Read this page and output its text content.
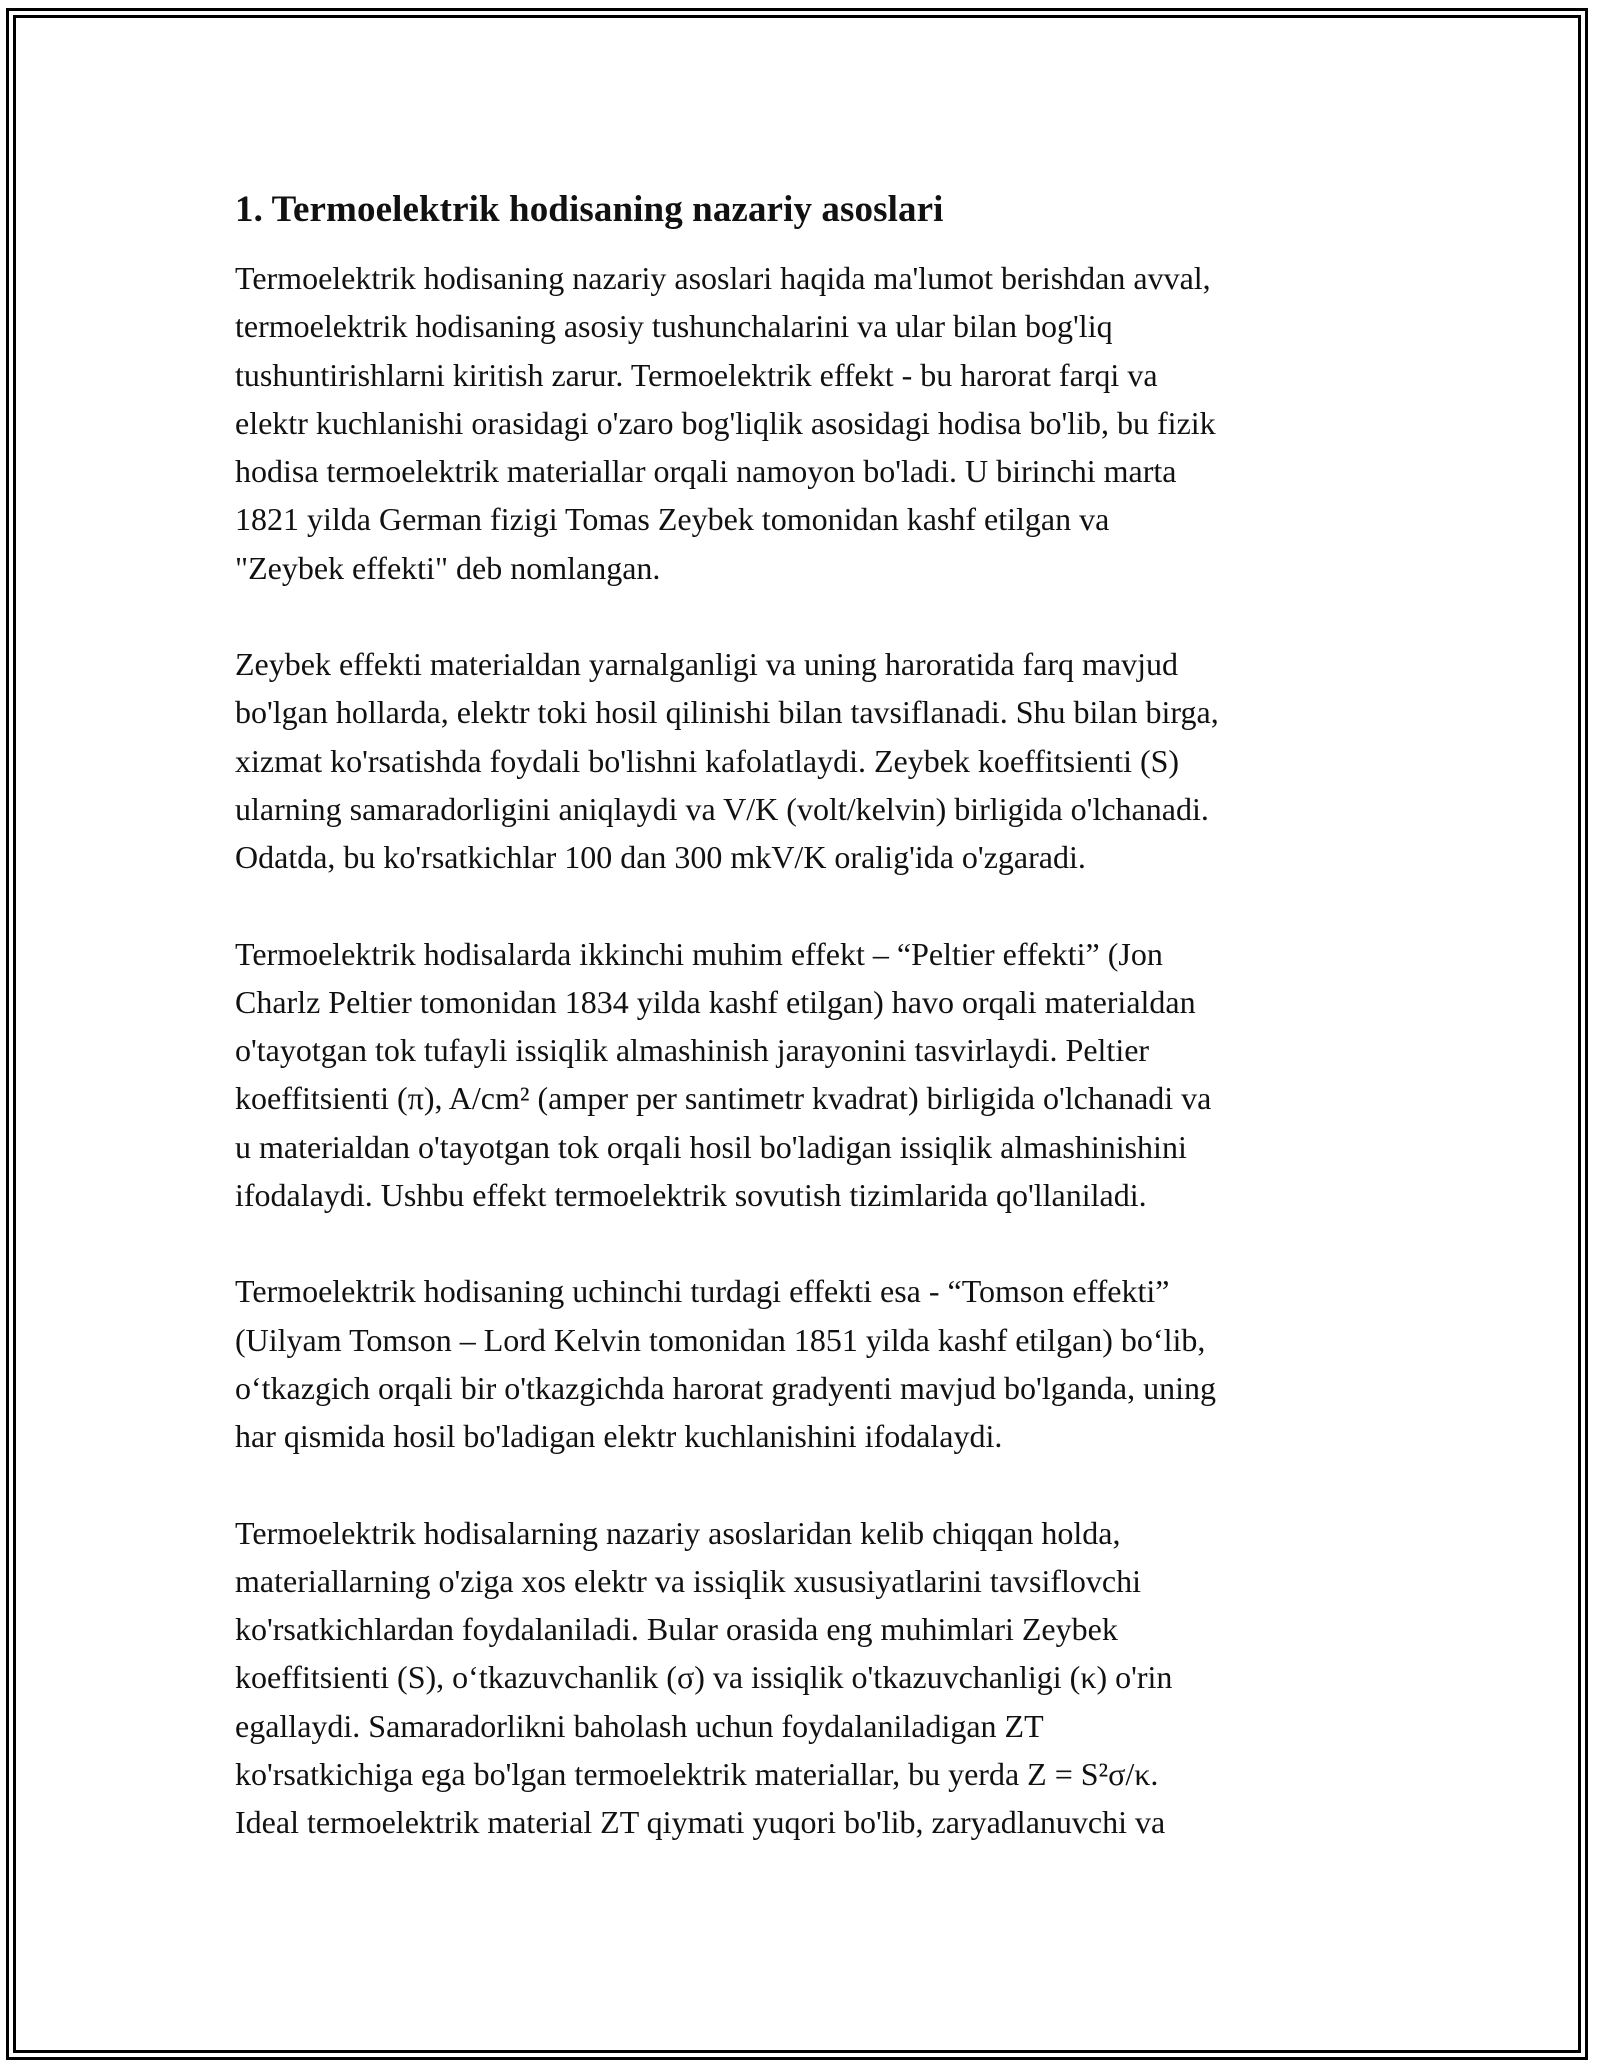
1. Termoelektrik hodisaning nazariy asoslari
Termoelektrik hodisaning nazariy asoslari haqida ma'lumot berishdan avval,
termoelektrik hodisaning asosiy tushunchalarini va ular bilan bog'liq
tushuntirishlarni kiritish zarur. Termoelektrik effekt - bu harorat farqi va
elektr kuchlanishi orasidagi o'zaro bog'liqlik asosidagi hodisa bo'lib, bu fizik
hodisa termoelektrik materiallar orqali namoyon bo'ladi. U birinchi marta
1821 yilda German fizigi Tomas Zeybek tomonidan kashf etilgan va
"Zeybek effekti" deb nomlangan.
Zeybek effekti materialdan yarnalganligi va uning haroratida farq mavjud
bo'lgan hollarda, elektr toki hosil qilinishi bilan tavsiflanadi. Shu bilan birga,
xizmat ko'rsatishda foydali bo'lishni kafolatlaydi. Zeybek koeffitsienti (S)
ularning samaradorligini aniqlaydi va V/K (volt/kelvin) birligida o'lchanadi.
Odatda, bu ko'rsatkichlar 100 dan 300 mkV/K oralig'ida o'zgaradi.
Termoelektrik hodisalarda ikkinchi muhim effekt – “Peltier effekti” (Jon
Charlz Peltier tomonidan 1834 yilda kashf etilgan) havo orqali materialdan
o'tayotgan tok tufayli issiqlik almashinish jarayonini tasvirlaydi. Peltier
koeffitsienti (π), A/cm² (amper per santimetr kvadrat) birligida o'lchanadi va
u materialdan o'tayotgan tok orqali hosil bo'ladigan issiqlik almashinishini
ifodalaydi. Ushbu effekt termoelektrik sovutish tizimlarida qo'llaniladi.
Termoelektrik hodisaning uchinchi turdagi effekti esa - “Tomson effekti”
(Uilyam Tomson – Lord Kelvin tomonidan 1851 yilda kashf etilgan) bo‘lib,
o‘tkazgich orqali bir o'tkazgichda harorat gradyenti mavjud bo'lganda, uning
har qismida hosil bo'ladigan elektr kuchlanishini ifodalaydi.
Termoelektrik hodisalarning nazariy asoslaridan kelib chiqqan holda,
materiallarning o'ziga xos elektr va issiqlik xususiyatlarini tavsiflovchi
ko'rsatkichlardan foydalaniladi. Bular orasida eng muhimlari Zeybek
koeffitsienti (S), o‘tkazuvchanlik (σ) va issiqlik o'tkazuvchanligi (κ) o'rin
egallaydi. Samaradorlikni baholash uchun foydalaniladigan ZT
ko'rsatkichiga ega bo'lgan termoelektrik materiallar, bu yerda Z = S²σ/κ.
Ideal termoelektrik material ZT qiymati yuqori bo'lib, zaryadlanuvchi va
